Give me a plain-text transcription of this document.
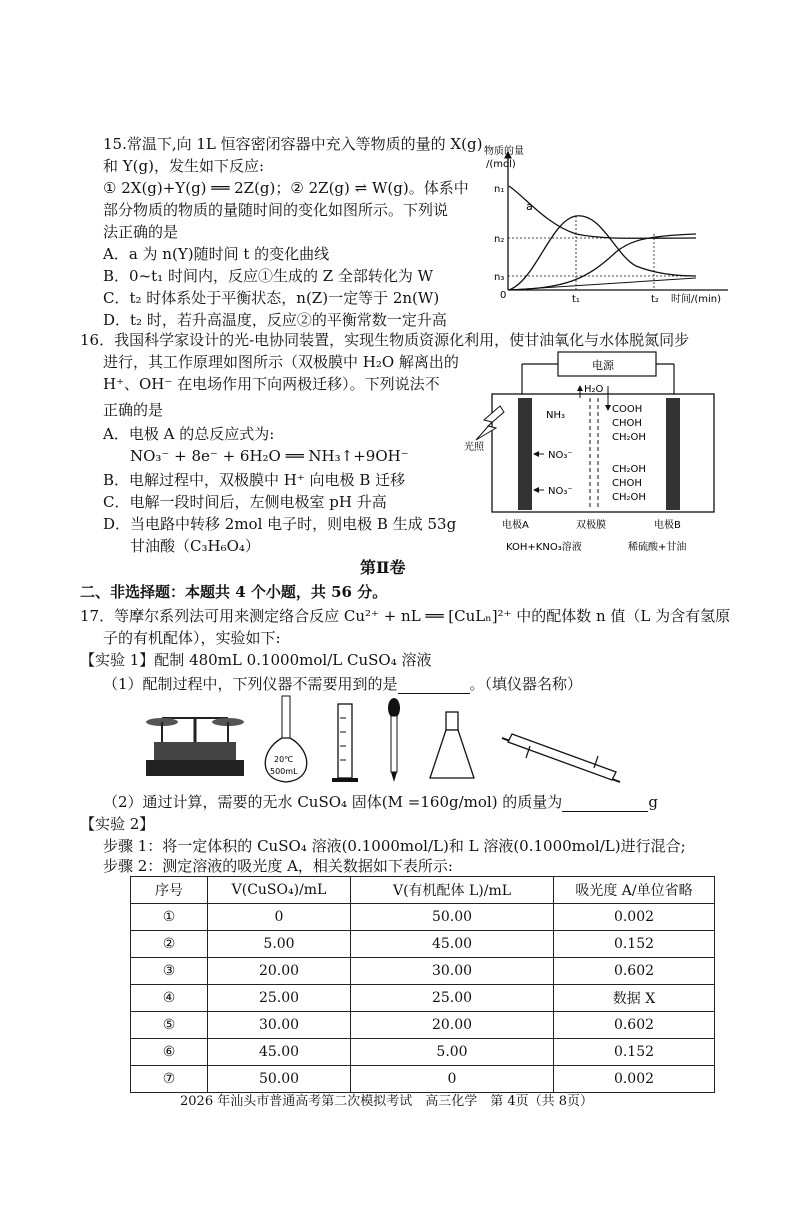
15.常温下,向 1L 恒容密闭容器中充入等物质的量的 X(g)
和 Y(g)，发生如下反应:
① 2X(g)+Y(g) ══ 2Z(g)；② 2Z(g) ⇌ W(g)。体系中
部分物质的物质的量随时间的变化如图所示。下列说
法正确的是
A．a 为 n(Y)随时间 t 的变化曲线
B．0~t₁ 时间内，反应①生成的 Z 全部转化为 W
C．t₂ 时体系处于平衡状态，n(Z)一定等于 2n(W)
D．t₂ 时，若升高温度，反应②的平衡常数一定升高
物质的量
/(mol)
n₁
n₂
n₃
0	t₁	t₂ 时间/(min)
a
16．我国科学家设计的光-电协同装置，实现生物质资源化利用，使甘油氧化与水体脱氮同步
进行，其工作原理如图所示（双极膜中 H₂O 解离出的
H⁺、OH⁻ 在电场作用下向两极迁移）。下列说法不
正确的是
A．电极 A 的总反应式为:
NO₃⁻ + 8e⁻ + 6H₂O ══ NH₃↑+9OH⁻
B．电解过程中，双极膜中 H⁺ 向电极 B 迁移
C．电解一段时间后，左侧电极室 pH 升高
D．当电路中转移 2mol 电子时，则电极 B 生成 53g
甘油酸（C₃H₆O₄）
电源
光照
H₂O
NH₃
NO₃⁻
NO₃⁻
COOH
CHOH
CH₂OH
CH₂OH
CHOH
CH₂OH
电极A	双极膜	电极B
KOH+KNO₃溶液	稀硫酸+甘油
第Ⅱ卷
二、非选择题：本题共 4 个小题，共 56 分。
17．等摩尔系列法可用来测定络合反应 Cu²⁺ + nL ══ [CuLₙ]²⁺ 中的配体数 n 值（L 为含有氢原
子的有机配体），实验如下:
【实验 1】配制 480mL 0.1000mol/L CuSO₄ 溶液
（1）配制过程中，下列仪器不需要用到的是	。（填仪器名称）
20℃
500mL
（2）通过计算，需要的无水 CuSO₄ 固体(M =160g/mol) 的质量为	g
【实验 2】
步骤 1：将一定体积的 CuSO₄ 溶液(0.1000mol/L)和 L 溶液(0.1000mol/L)进行混合;
步骤 2：测定溶液的吸光度 A，相关数据如下表所示:
序号	V(CuSO₄)/mL	V(有机配体 L)/mL	吸光度 A/单位省略
①	0	50.00	0.002
②	5.00	45.00	0.152
③	20.00	30.00	0.602
④	25.00	25.00	数据 X
⑤	30.00	20.00	0.602
⑥	45.00	5.00	0.152
⑦	50.00	0	0.002
2026 年汕头市普通高考第二次模拟考试　高三化学　第 4页（共 8页）
